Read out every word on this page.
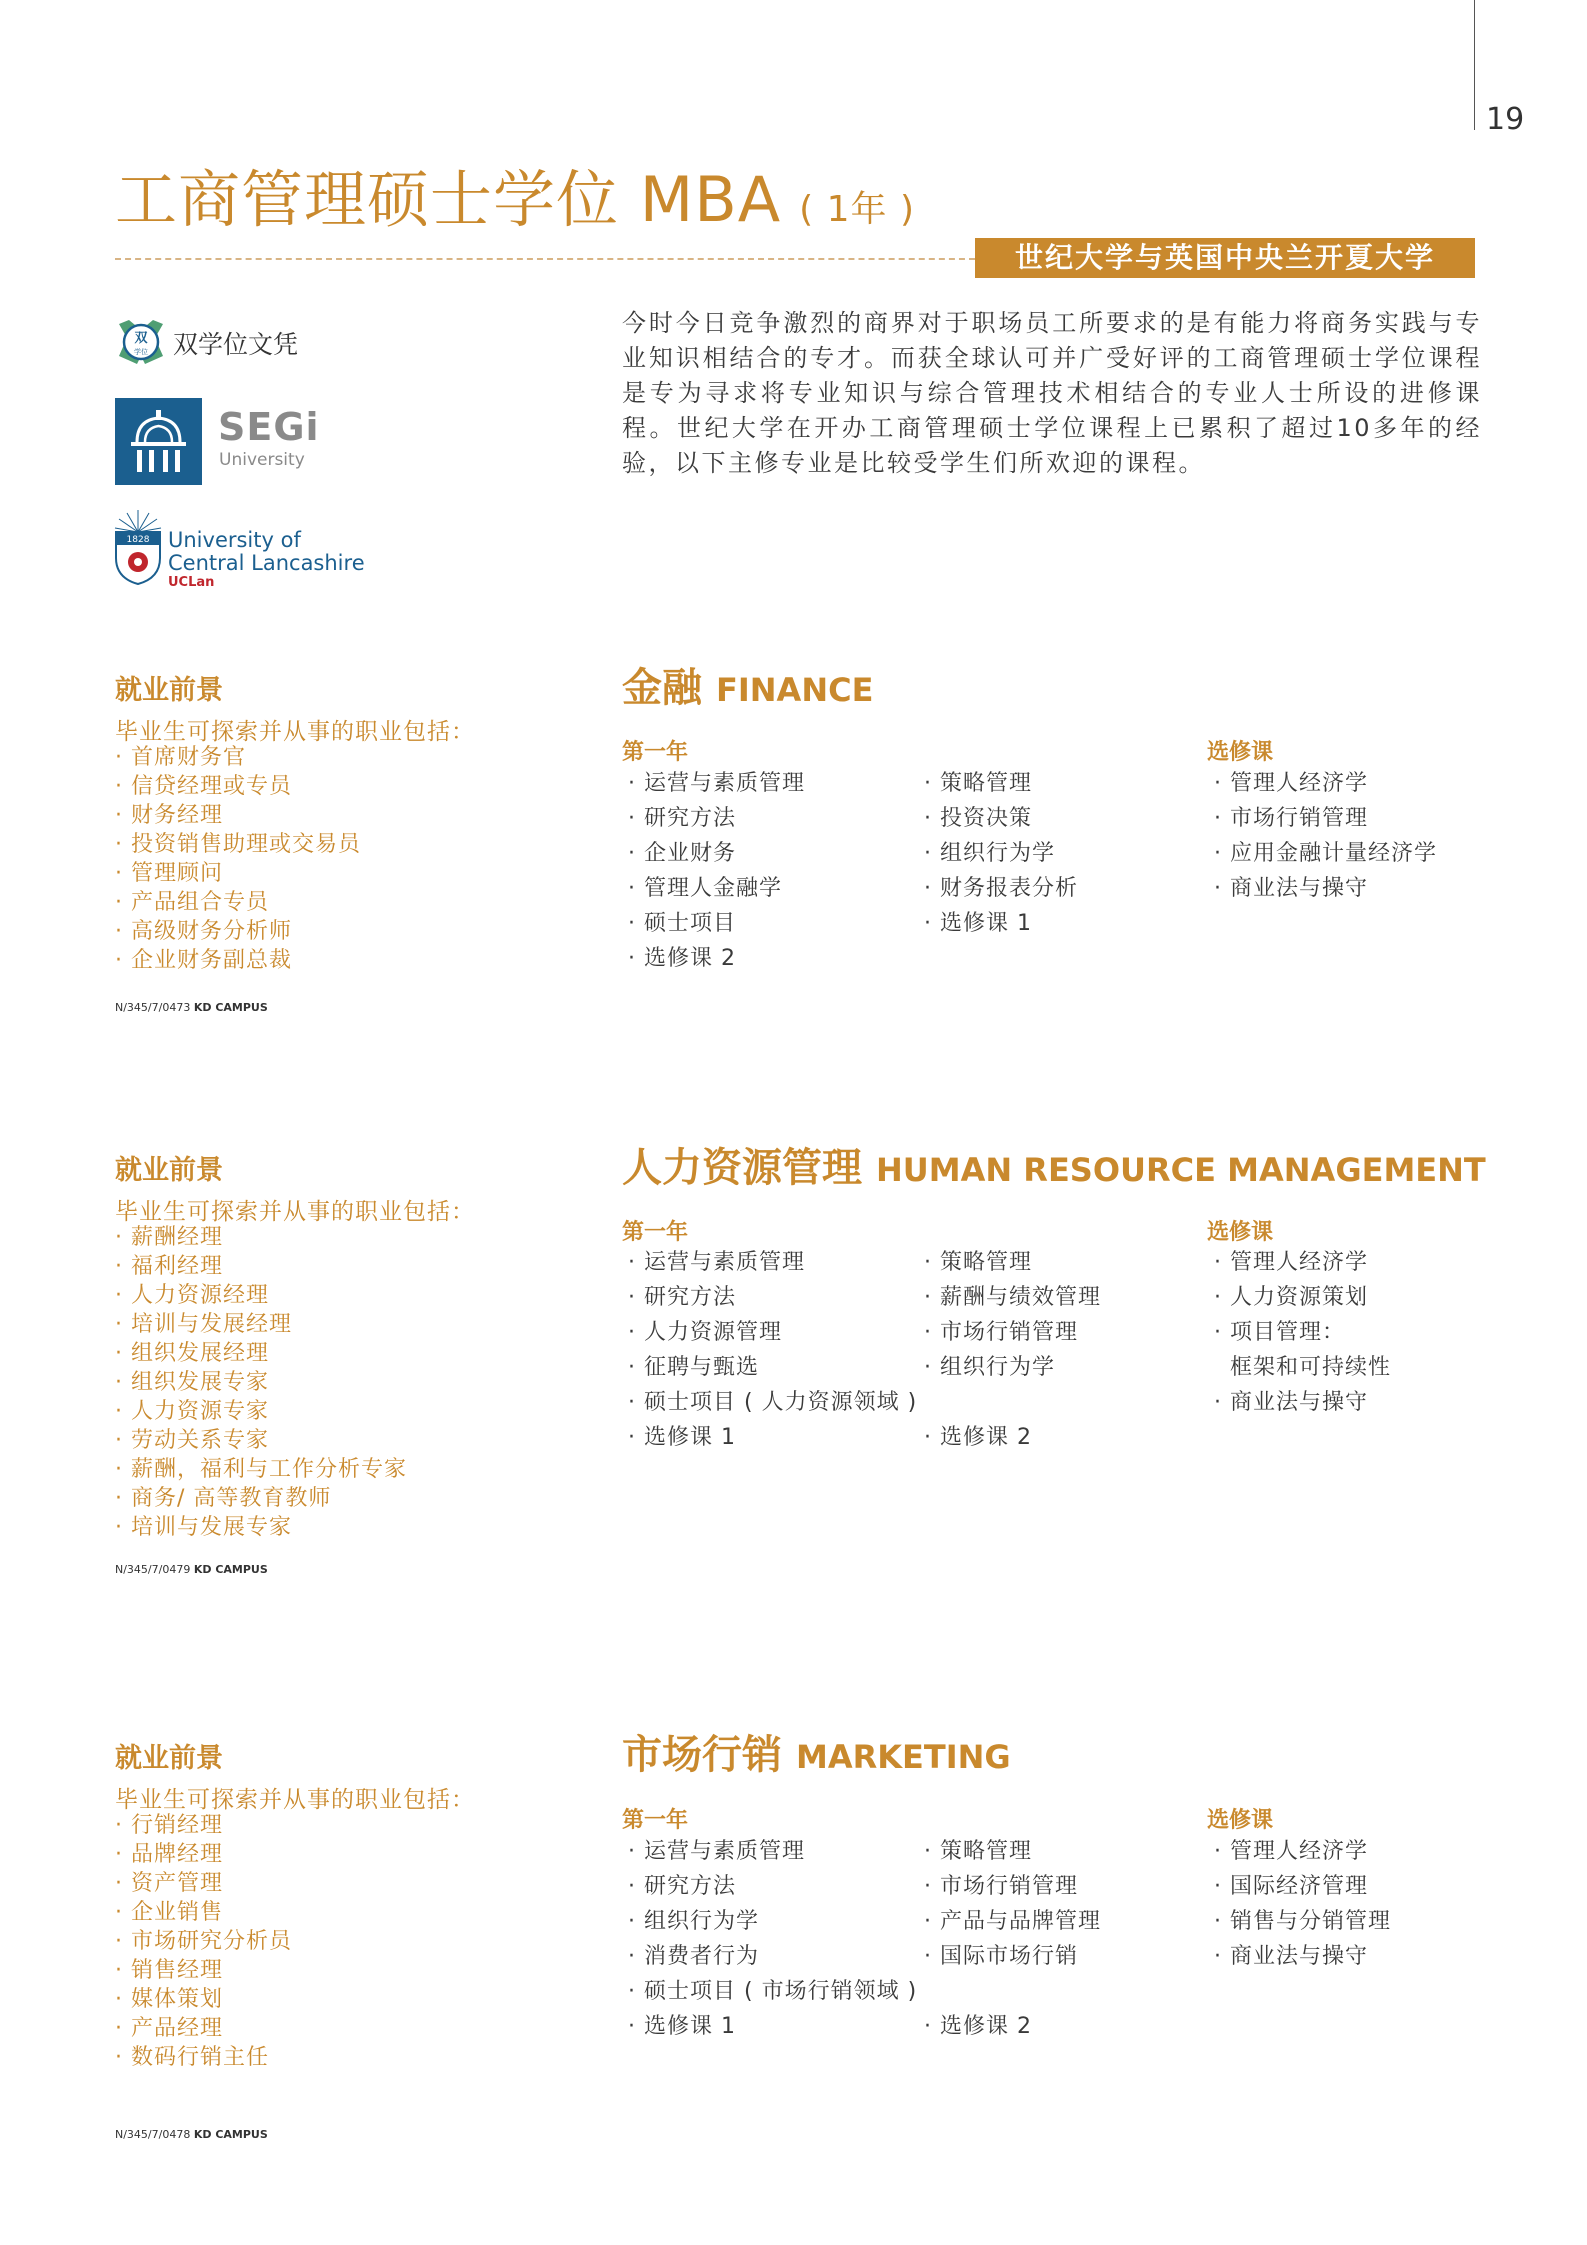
19
工商管理硕士学位 MBA ( 1年 )
世纪大学与英国中央兰开夏大学
双
学位 双学位文凭
SEGi
University
1828 University of
Central Lancashire
UCLan
今时今日竞争激烈的商界对于职场员工所要求的是有能力将商务实践与专业知识相结合的专才。而获全球认可并广受好评的工商管理硕士学位课程是专为寻求将专业知识与综合管理技术相结合的专业人士所设的进修课程。世纪大学在开办工商管理硕士学位课程上已累积了超过10多年的经验，以下主修专业是比较受学生们所欢迎的课程。
就业前景
毕业生可探索并从事的职业包括：
· 首席财务官
· 信贷经理或专员
· 财务经理
· 投资销售助理或交易员
· 管理顾问
· 产品组合专员
· 高级财务分析师
· 企业财务副总裁
N/345/7/0473 KD CAMPUS
金融 FINANCE
第一年	选修课
· 运营与素质管理
· 研究方法
· 企业财务
· 管理人金融学
· 硕士项目
· 选修课 2
· 策略管理
· 投资决策
· 组织行为学
· 财务报表分析
· 选修课 1
· 管理人经济学
· 市场行销管理
· 应用金融计量经济学
· 商业法与操守
就业前景
毕业生可探索并从事的职业包括：
· 薪酬经理
· 福利经理
· 人力资源经理
· 培训与发展经理
· 组织发展经理
· 组织发展专家
· 人力资源专家
· 劳动关系专家
· 薪酬，福利与工作分析专家
· 商务/ 高等教育教师
· 培训与发展专家
N/345/7/0479 KD CAMPUS
人力资源管理 HUMAN RESOURCE MANAGEMENT
第一年	选修课
· 运营与素质管理
· 研究方法
· 人力资源管理
· 征聘与甄选
· 硕士项目 ( 人力资源领域 )
· 选修课 1
· 策略管理
· 薪酬与绩效管理
· 市场行销管理
· 组织行为学
· 选修课 2
· 管理人经济学
· 人力资源策划
· 项目管理：
框架和可持续性
· 商业法与操守
就业前景
毕业生可探索并从事的职业包括：
· 行销经理
· 品牌经理
· 资产管理
· 企业销售
· 市场研究分析员
· 销售经理
· 媒体策划
· 产品经理
· 数码行销主任
N/345/7/0478 KD CAMPUS
市场行销 MARKETING
第一年	选修课
· 运营与素质管理
· 研究方法
· 组织行为学
· 消费者行为
· 硕士项目 ( 市场行销领域 )
· 选修课 1
· 策略管理
· 市场行销管理
· 产品与品牌管理
· 国际市场行销
· 选修课 2
· 管理人经济学
· 国际经济管理
· 销售与分销管理
· 商业法与操守
